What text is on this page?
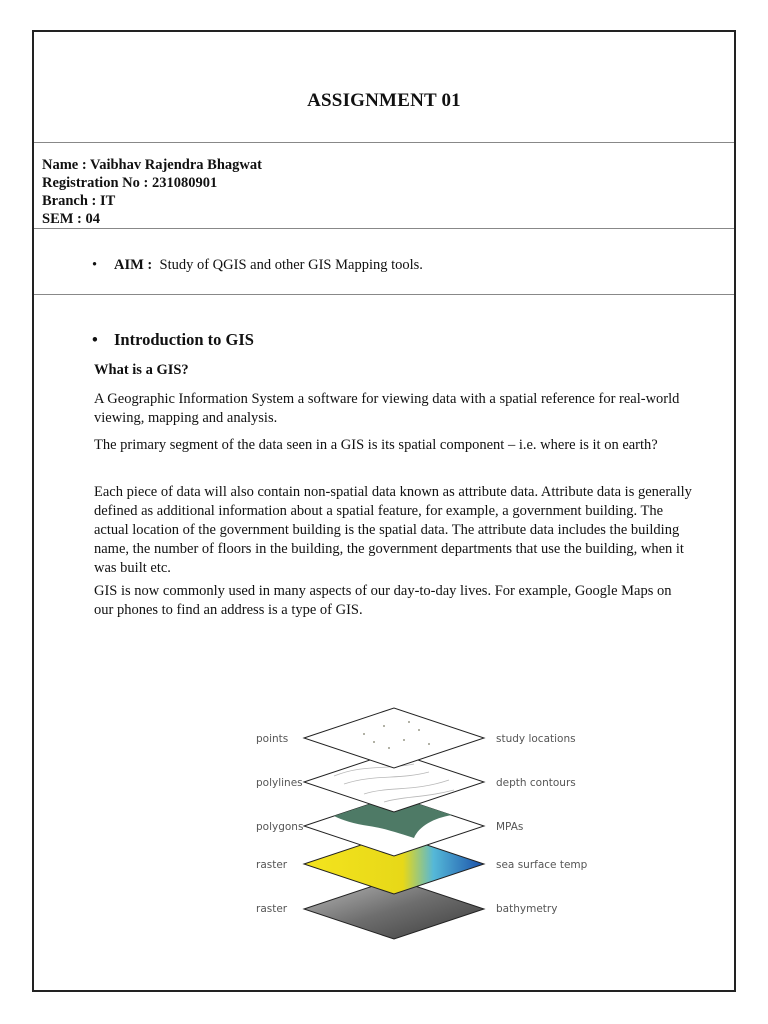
ASSIGNMENT 01
Name : Vaibhav Rajendra Bhagwat
Registration No : 231080901
Branch : IT
SEM : 04
• AIM : Study of QGIS and other GIS Mapping tools.
• Introduction to GIS
What is a GIS?
A Geographic Information System a software for viewing data with a spatial reference for real-world viewing, mapping and analysis.
The primary segment of the data seen in a GIS is its spatial component – i.e. where is it on earth?
Each piece of data will also contain non-spatial data known as attribute data. Attribute data is generally defined as additional information about a spatial feature, for example, a government building. The actual location of the government building is the spatial data. The attribute data includes the building name, the number of floors in the building, the government departments that use the building, when it was built etc.
GIS is now commonly used in many aspects of our day-to-day lives. For example, Google Maps on our phones to find an address is a type of GIS.
points
polylines
polygons
raster
raster
study locations
depth contours
MPAs
sea surface temp
bathymetry
